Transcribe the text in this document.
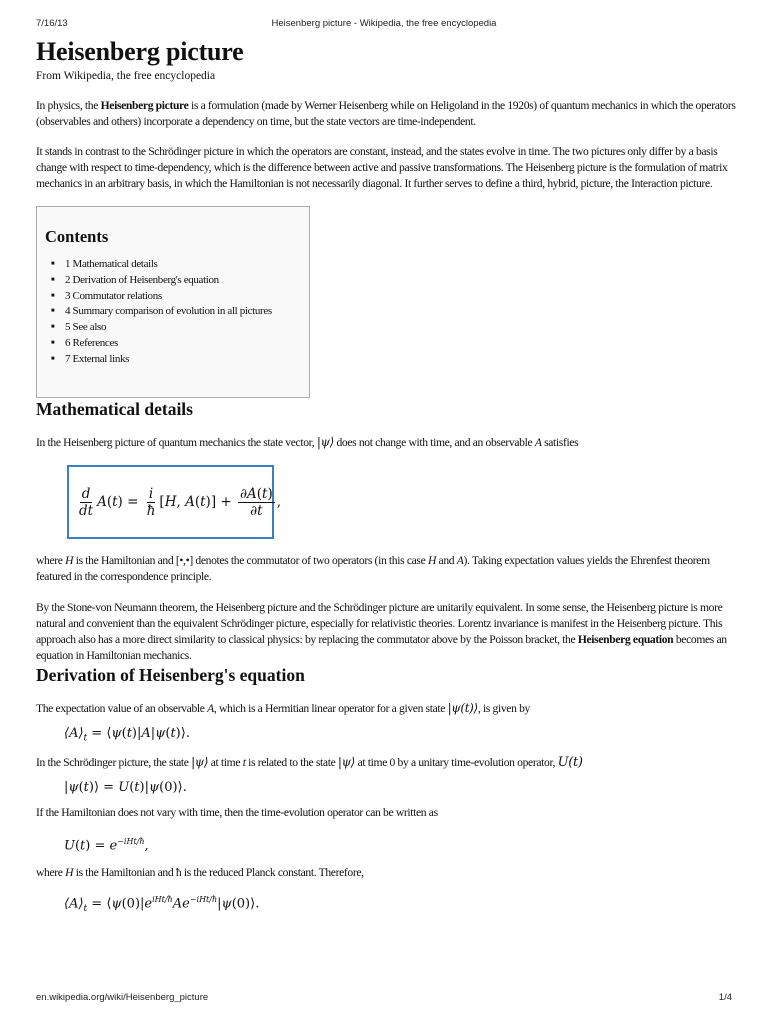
7/16/13	Heisenberg picture - Wikipedia, the free encyclopedia
Heisenberg picture
From Wikipedia, the free encyclopedia

In physics, the Heisenberg picture is a formulation (made by Werner Heisenberg while on Heligoland in the 1920s) of quantum mechanics in which the operators (observables and others) incorporate a dependency on time, but the state vectors are time-independent.

It stands in contrast to the Schrödinger picture in which the operators are constant, instead, and the states evolve in time. The two pictures only differ by a basis change with respect to time-dependency, which is the difference between active and passive transformations. The Heisenberg picture is the formulation of matrix mechanics in an arbitrary basis, in which the Hamiltonian is not necessarily diagonal. It further serves to define a third, hybrid, picture, the Interaction picture.

Contents
■ 1 Mathematical details
■ 2 Derivation of Heisenberg's equation
■ 3 Commutator relations
■ 4 Summary comparison of evolution in all pictures
■ 5 See also
■ 6 References
■ 7 External links
Mathematical details

In the Heisenberg picture of quantum mechanics the state vector, |ψ⟩ does not change with time, and an observable A satisfies

$\frac{d}{dt}$ A ( t ) = $\frac{i}{ħ}$ [ H , A ( t )] + $\frac{\partial A(t)}{\partial t}$ ,

where H is the Hamiltonian and [•,•] denotes the commutator of two operators (in this case H and A). Taking expectation values yields the Ehrenfest theorem featured in the correspondence principle.

By the Stone-von Neumann theorem, the Heisenberg picture and the Schrödinger picture are unitarily equivalent. In some sense, the Heisenberg picture is more natural and convenient than the equivalent Schrödinger picture, especially for relativistic theories. Lorentz invariance is manifest in the Heisenberg picture. This approach also has a more direct similarity to classical physics: by replacing the commutator above by the Poisson bracket, the Heisenberg equation becomes an equation in Hamiltonian mechanics.

Derivation of Heisenberg's equation

The expectation value of an observable A, which is a Hermitian linear operator for a given state |ψ(t)⟩, is given by

$⟨A⟩_t$ = ⟨ψ(t)|A|ψ(t)⟩.

In the Schrödinger picture, the state |ψ⟩ at time t is related to the state |ψ⟩ at time 0 by a unitary time-evolution operator, U(t)

|ψ(t)⟩ = U(t)|ψ(0)⟩.

If the Hamiltonian does not vary with time, then the time-evolution operator can be written as

$U(t) = e^{-iHt/ħ}$,

where H is the Hamiltonian and ħ is the reduced Planck constant. Therefore,

$⟨A⟩_t$ = $⟨\psi(0)|e^{iHt/ħ}Ae^{-iHt/ħ}|\psi(0)⟩$.
en.wikipedia.org/wiki/Heisenberg_picture	1/4
